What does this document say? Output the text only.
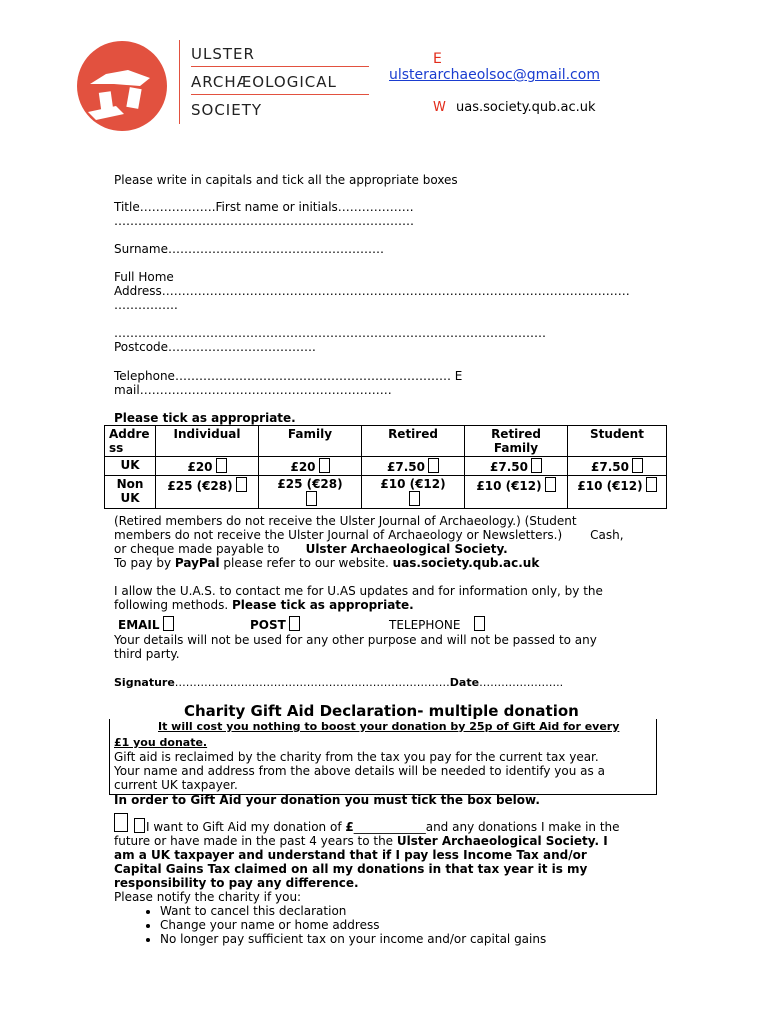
ULSTER
ARCHÆOLOGICAL
SOCIETY
E
ulsterarchaeolsoc@gmail.com
W uas.society.qub.ac.uk
Please write in capitals and tick all the appropriate boxes
Title……………….First name or initials……………….
…………………………………………………………………
Surname………………………………………………
Full Home
Address………………………………………………………………………………………………………
…………….
………………………………………………………………………………………………
Postcode……………………………….
Telephone…………………………………………………………… E
mail………………………………………………………
Please tick as appropriate.
Addre ss	Individual	Family	Retired	Retired Family	Student
UK	£20	£20	£7.50	£7.50	£7.50
Non UK	£25 (€28)	£25 (€28)	£10 (€12)	£10 (€12)	£10 (€12)
(Retired members do not receive the Ulster Journal of Archaeology.) (Student
members do not receive the Ulster Journal of Archaeology or Newsletters.) Cash,
or cheque made payable to Ulster Archaeological Society.
To pay by PayPal please refer to our website. uas.society.qub.ac.uk
I allow the U.A.S. to contact me for U.AS updates and for information only, by the
following methods. Please tick as appropriate.
EMAIL	POST	TELEPHONE
Your details will not be used for any other purpose and will not be passed to any
third party.
Signature…………………………………………………………………Date…………………..
Charity Gift Aid Declaration- multiple donation
It will cost you nothing to boost your donation by 25p of Gift Aid for every
£1 you donate.
Gift aid is reclaimed by the charity from the tax you pay for the current tax year.
Your name and address from the above details will be needed to identify you as a
current UK taxpayer.
In order to Gift Aid your donation you must tick the box below.
I want to Gift Aid my donation of £____________and any donations I make in the
future or have made in the past 4 years to the Ulster Archaeological Society. I
am a UK taxpayer and understand that if I pay less Income Tax and/or
Capital Gains Tax claimed on all my donations in that tax year it is my
responsibility to pay any difference.
Please notify the charity if you:
• Want to cancel this declaration
• Change your name or home address
• No longer pay sufficient tax on your income and/or capital gains
